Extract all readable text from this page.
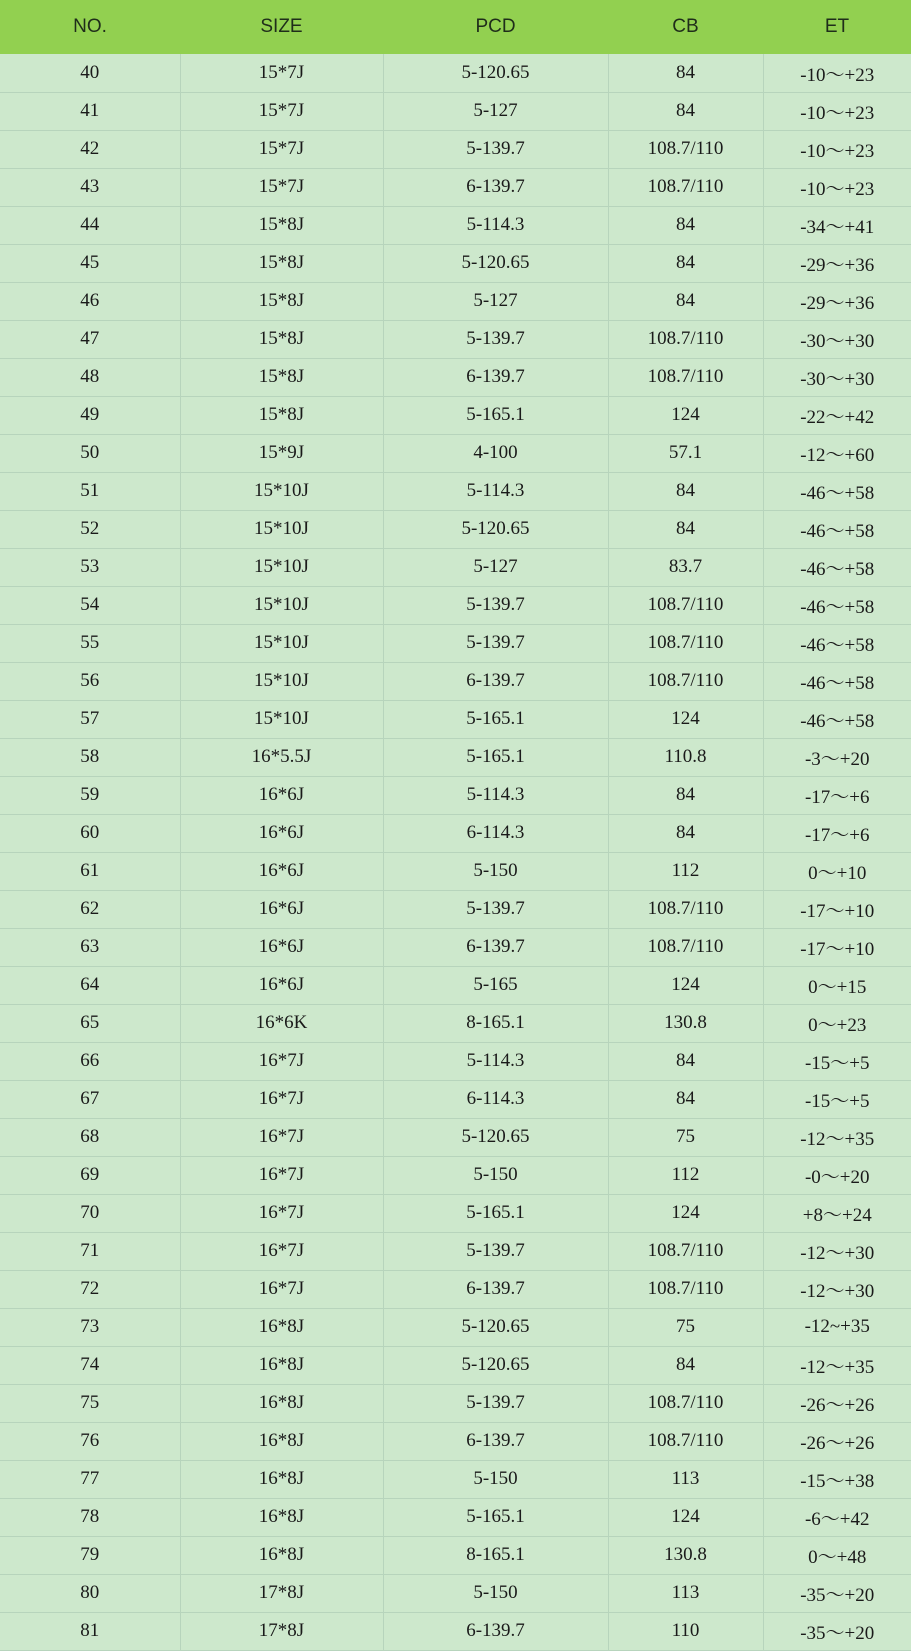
NO.	SIZE	PCD	CB	ET
40	15*7J	5-120.65	84	-10～+23
41	15*7J	5-127	84	-10～+23
42	15*7J	5-139.7	108.7/110	-10～+23
43	15*7J	6-139.7	108.7/110	-10～+23
44	15*8J	5-114.3	84	-34～+41
45	15*8J	5-120.65	84	-29～+36
46	15*8J	5-127	84	-29～+36
47	15*8J	5-139.7	108.7/110	-30～+30
48	15*8J	6-139.7	108.7/110	-30～+30
49	15*8J	5-165.1	124	-22～+42
50	15*9J	4-100	57.1	-12～+60
51	15*10J	5-114.3	84	-46～+58
52	15*10J	5-120.65	84	-46～+58
53	15*10J	5-127	83.7	-46～+58
54	15*10J	5-139.7	108.7/110	-46～+58
55	15*10J	5-139.7	108.7/110	-46～+58
56	15*10J	6-139.7	108.7/110	-46～+58
57	15*10J	5-165.1	124	-46～+58
58	16*5.5J	5-165.1	110.8	-3～+20
59	16*6J	5-114.3	84	-17～+6
60	16*6J	6-114.3	84	-17～+6
61	16*6J	5-150	112	0～+10
62	16*6J	5-139.7	108.7/110	-17～+10
63	16*6J	6-139.7	108.7/110	-17～+10
64	16*6J	5-165	124	0～+15
65	16*6K	8-165.1	130.8	0～+23
66	16*7J	5-114.3	84	-15～+5
67	16*7J	6-114.3	84	-15～+5
68	16*7J	5-120.65	75	-12～+35
69	16*7J	5-150	112	-0～+20
70	16*7J	5-165.1	124	+8～+24
71	16*7J	5-139.7	108.7/110	-12～+30
72	16*7J	6-139.7	108.7/110	-12～+30
73	16*8J	5-120.65	75	-12~+35
74	16*8J	5-120.65	84	-12～+35
75	16*8J	5-139.7	108.7/110	-26～+26
76	16*8J	6-139.7	108.7/110	-26～+26
77	16*8J	5-150	113	-15～+38
78	16*8J	5-165.1	124	-6～+42
79	16*8J	8-165.1	130.8	0～+48
80	17*8J	5-150	113	-35～+20
81	17*8J	6-139.7	110	-35～+20
